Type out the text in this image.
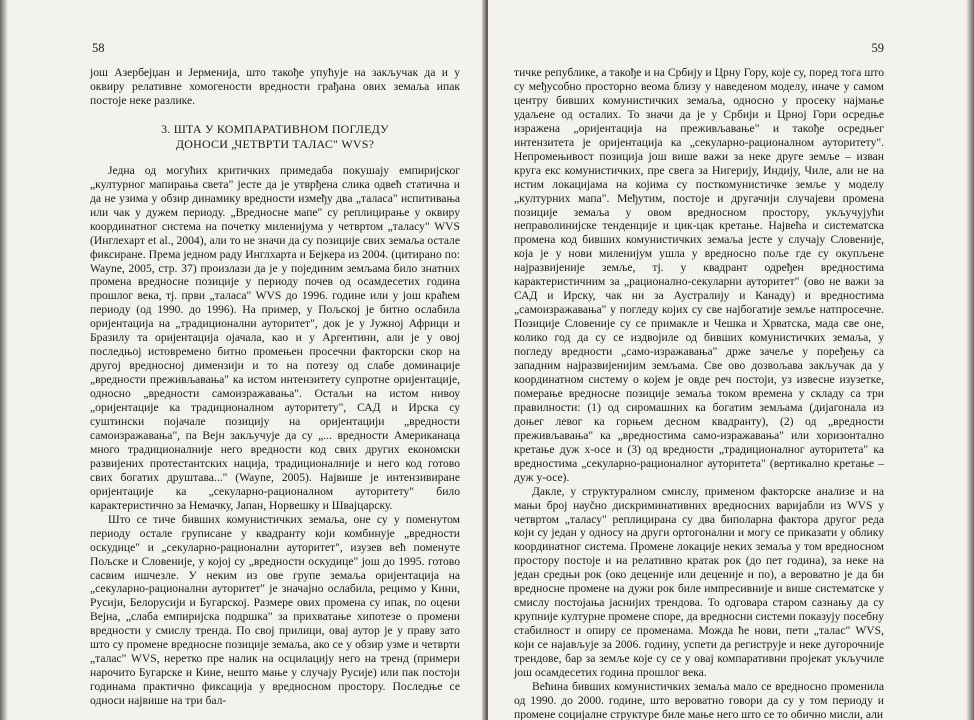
58

још Азербејџан и Јерменија, што такође упућује на закључак да и у оквиру релативне хомогености вредности грађана ових земаља ипак постоје неке разлике.

3. ШТА У КОМПАРАТИВНОМ ПОГЛЕДУ
ДОНОСИ „ЧЕТВРТИ ТАЛАС" WVS?

Једна од могућих критичких примедаба покушају емпиријског „културног мапирања света" јесте да је утврђена слика одвећ статична и да не узима у обзир динамику вредности између два „таласа" испитивања или чак у дужем периоду. „Вредносне мапе" су реплицирање у оквиру координатног система на почетку миленијума у четвртом „таласу" WVS (Инглехарт et al., 2004), али то не значи да су позиције свих земаља остале фиксиране. Према једном раду Инглхарта и Бејкера из 2004. (цитирано по: Wayne, 2005, стр. 37) произлази да је у појединим земљама било знатних промена вредносне позиције у периоду почев од осамдесетих година прошлог века, тј. први „таласа" WVS до 1996. године или у још краћем периоду (од 1990. до 1996). На пример, у Пољској је битно ослабила оријентација на „традиционални ауторитет", док је у Јужној Африци и Бразилу та оријентација ојачала, као и у Аргентини, али је у овој последњој истовремено битно промењен просечни факторски скор на другој вредносној димензији и то на потезу од слабе доминације „вредности преживљавања" ка истом интензитету супротне оријентације, односно „вредности самоизражавања". Остаљи на истом нивоу „оријентације ка традиционалном ауторитету", САД и Ирска су суштински појачале позицију на оријентацији „вредности самоизражавања", па Вејн закључује да су „... вредности Американаца много традиционалније него вредности код свих других економски развијених протестантских нација, традиционалније и него код готово свих богатих друштава..." (Wayne, 2005). Највише је интензивиране оријентације ка „секуларно-рационалном ауторитету" било карактеристично за Немачку, Јапан, Норвешку и Швајцарску.

Што се тиче бивших комунистичких земаља, оне су у поменутом периоду остале груписане у квадранту који комбинује „вредности оскудице" и „секуларно-рационални ауторитет", изузев већ поменуте Пољске и Словеније, у којој су „вредности оскудице" још до 1995. готово сасвим ишчезле. У неким из ове групе земаља оријентација на „секуларно-рационални ауторитет" је значајно ослабила, рецимо у Кини, Русији, Белорусији и Бугарској. Размере ових промена су ипак, по оцени Вејна, „слаба емпиријска подршка" за прихватање хипотезе о промени вредности у смислу тренда. По свој прилици, овај аутор је у праву зато што су промене вредносне позиције земаља, ако се у обзир узме и четврти „талас" WVS, неретко пре налик на осцилацију него на тренд (примери нарочито Бугарске и Кине, нешто мање у случају Русије) или пак постоји годинама практично фиксација у вредносном простору. Последње се односи највише на три бал-

59

тичке републике, а такође и на Србију и Црну Гору, које су, поред тога што су међусобно просторно веома близу у наведеном моделу, иначе у самом центру бивших комунистичких земаља, односно у просеку најмање удаљене од осталих. То значи да је у Србији и Црној Гори осредње изражена „оријентација на преживљавање" и такође осредњег интензитета је оријентација ка „секуларно-рационалном ауторитету". Непромењивост позиција још више важи за неке друге земље – изван круга екс комунистичких, пре свега за Нигерију, Индију, Чиле, али не на истим локацијама на којима су посткомунистичке земље у моделу „културних мапа". Међутим, постоје и другачији случајеви промена позиције земаља у овом вредносном простору, укључујући неправолинијске тенденције и цик-цак кретање. Највећа и систематска промена код бивших комунистичких земаља јесте у случају Словеније, која је у нови миленијум ушла у вредносно поље где су окупљене најразвијеније земље, тј. у квадрант одређен вредностима карактеристичним за „рационално-секуларни ауторитет" (ово не важи за САД и Ирску, чак ни за Аустралију и Канаду) и вредностима „самоизражавања" у погледу којих су све најбогатије земље натпросечне. Позиције Словеније су се примакле и Чешка и Хрватска, мада све оне, колико год да су се издвојиле од бивших комунистичких земаља, у погледу вредности „само-изражавања" држе зачеље у поређењу са западним најразвијенијим земљама. Све ово дозвољава закључак да у координатном систему о којем је овде реч постоји, уз извесне изузетке, померање вредносне позиције земаља током времена у складу са три правилности: (1) од сиромашних ка богатим земљама (дијагонала из доњег левог ка горњем десном квадранту), (2) од „вредности преживљавања" ка „вредностима само-изражавања" или хоризонтално кретање дуж х-осе и (3) од вредности „традиционалног ауторитета" ка вредностима „секуларно-рационалног ауторитета" (вертикално кретање – дуж у-осе).

Дакле, у структуралном смислу, применом факторске анализе и на мањи број науčно дискриминативних вредносних варијабли из WVS у четвртом „таласу" реплицирана су два биполарна фактора другог реда који су један у односу на други ортогонални и могу се приказати у облику координатног система. Промене локације неких земаља у том вредносном простору постоје и на релативно кратак рок (до пет година), за неке на један средњи рок (око деценије или деценије и по), а вероватно је да би вредносне промене на дужи рок биле импресивније и више систематске у смислу постојања јаснијих трендова. То одговара старом сазнању да су крупније културне промене споре, да вредносни системи показују посебну стабилност и опиру се променама. Можда ће нови, пети „талас" WVS, који се најављује за 2006. годину, успети да региструје и неке дугорочније трендове, бар за земље које су се у овај компаративни пројекат укључиле још осамдесетих година прошлог века.

Већина бивших комунистичких земаља мало се вредносно променила од 1990. до 2000. године, што вероватно говори да су у том периоду и промене социјалне структуре биле мање него што се то обично мисли, али
